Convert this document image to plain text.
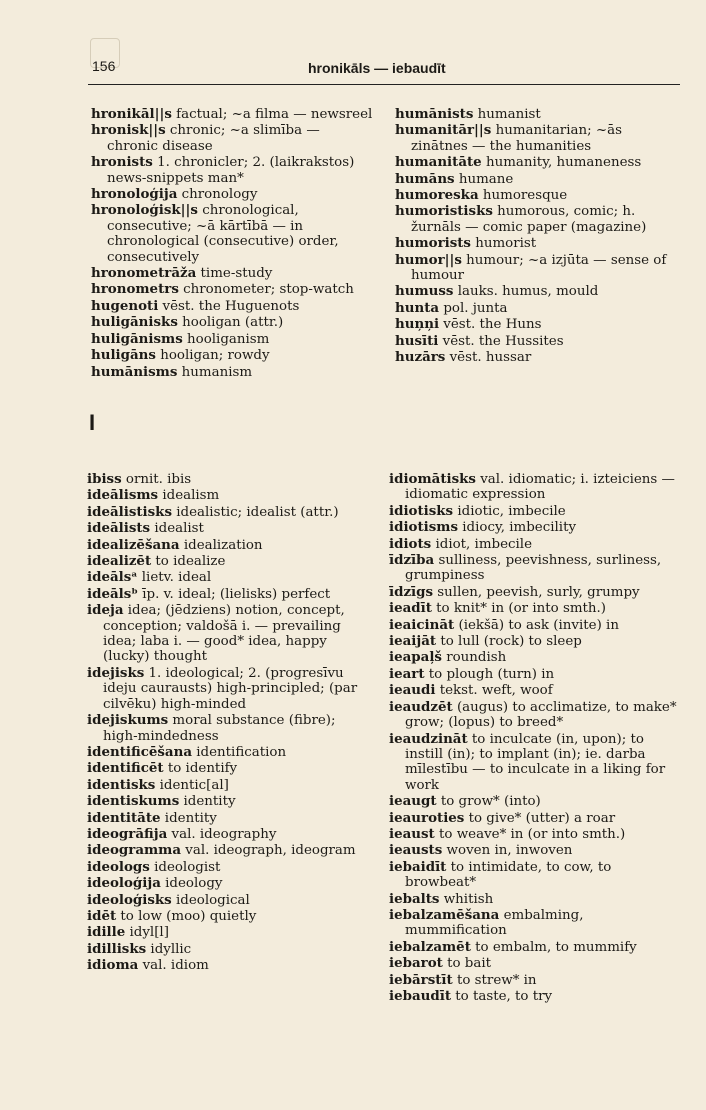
156	hronikāls — iebaudīt
hronikāl||s factual; ~a filma — newsreel
hronisk||s chronic; ~a slimība — chronic disease
hronists 1. chronicler; 2. (laikrakstos) news-snippets man*
hronoloģija chronology
hronoloģisk||s chronological, consecutive; ~ā kārtībā — in chronological (consecutive) order, consecutively
hronometrāža time-study
hronometrs chronometer; stop-watch
hugenoti vēst. the Huguenots
huligānisks hooligan (attr.)
huligānisms hooliganism
huligāns hooligan; rowdy
humānisms humanism
humānists humanist
humanitār||s humanitarian; ~ās zinātnes — the humanities
humanitāte humanity, humaneness
humāns humane
humoreska humoresque
humoristisks humorous, comic; h. žurnāls — comic paper (magazine)
humorists humorist
humor||s humour; ~a izjūta — sense of humour
humuss lauks. humus, mould
hunta pol. junta
huņņi vēst. the Huns
husīti vēst. the Hussites
huzārs vēst. hussar
I
ibiss ornit. ibis
ideālisms idealism
ideālistisks idealistic; idealist (attr.)
ideālists idealist
idealizēšana idealization
idealizēt to idealize
ideālsᵃ lietv. ideal
ideālsᵇ īp. v. ideal; (lielisks) perfect
ideja idea; (jēdziens) notion, concept, conception; valdošā i. — prevailing idea; laba i. — good* idea, happy (lucky) thought
idejisks 1. ideological; 2. (progresīvu ideju caurausts) high-principled; (par cilvēku) high-minded
idejiskums moral substance (fibre); high-mindedness
identificēšana identification
identificēt to identify
identisks identic[al]
identiskums identity
identitāte identity
ideogrāfija val. ideography
ideogramma val. ideograph, ideogram
ideologs ideologist
ideoloģija ideology
ideoloģisks ideological
idēt to low (moo) quietly
idille idyl[l]
idillisks idyllic
idioma val. idiom
idiomātisks val. idiomatic; i. izteiciens — idiomatic expression
idiotisks idiotic, imbecile
idiotisms idiocy, imbecility
idiots idiot, imbecile
īdzība sulliness, peevishness, surliness, grumpiness
īdzīgs sullen, peevish, surly, grumpy
ieadīt to knit* in (or into smth.)
ieaicināt (iekšā) to ask (invite) in
ieaijāt to lull (rock) to sleep
ieapaļš roundish
ieart to plough (turn) in
ieaudi tekst. weft, woof
ieaudzēt (augus) to acclimatize, to make* grow; (lopus) to breed*
ieaudzināt to inculcate (in, upon); to instill (in); to implant (in); ie. darba mīlestību — to inculcate in a liking for work
ieaugt to grow* (into)
ieauroties to give* (utter) a roar
ieaust to weave* in (or into smth.)
ieausts woven in, inwoven
iebaidīt to intimidate, to cow, to browbeat*
iebalts whitish
iebalzamēšana embalming, mummification
iebalzamēt to embalm, to mummify
iebarot to bait
iebārstīt to strew* in
iebaudīt to taste, to try
